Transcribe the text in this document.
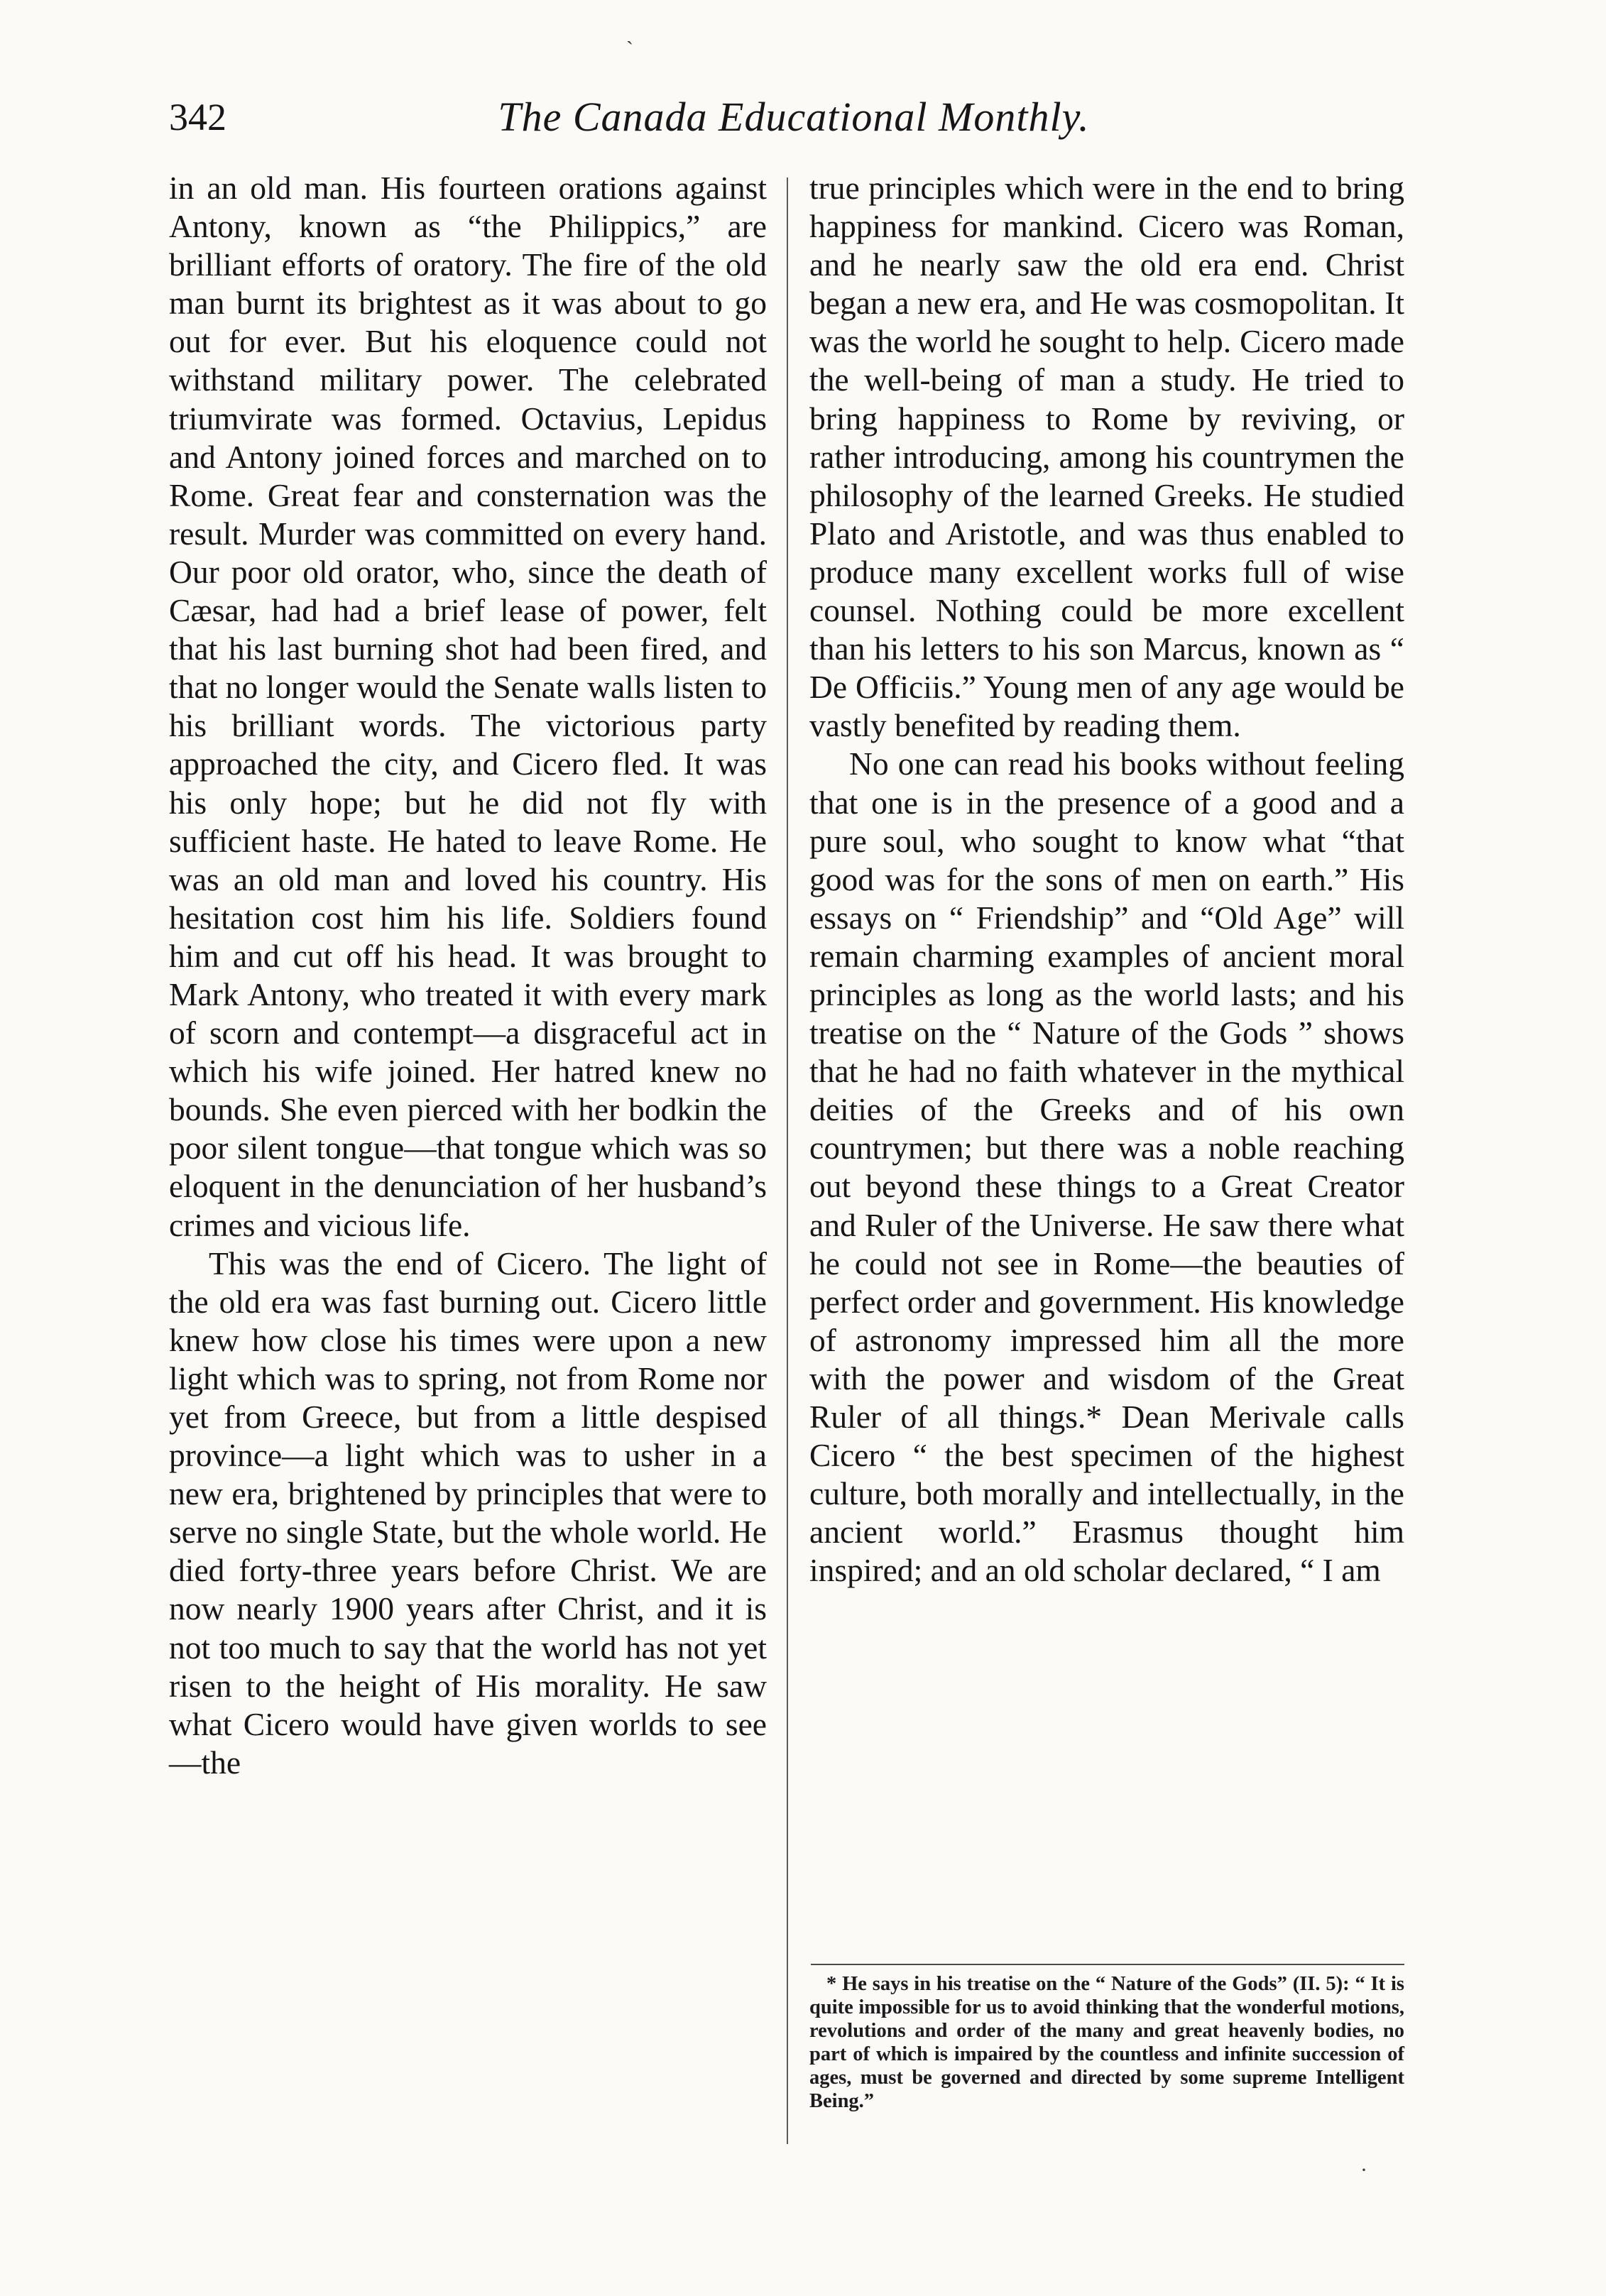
ˎ
342	The Canada Educational Monthly.

in an old man. His fourteen orations against Antony, known as “the Philippics,” are brilliant efforts of oratory. The fire of the old man burnt its brightest as it was about to go out for ever. But his eloquence could not withstand military power. The celebrated triumvirate was formed. Octavius, Lepidus and Antony joined forces and marched on to Rome. Great fear and consternation was the result. Murder was committed on every hand. Our poor old orator, who, since the death of Cæsar, had had a brief lease of power, felt that his last burning shot had been fired, and that no longer would the Senate walls listen to his brilliant words. The victorious party approached the city, and Cicero fled. It was his only hope; but he did not fly with sufficient haste. He hated to leave Rome. He was an old man and loved his country. His hesitation cost him his life. Soldiers found him and cut off his head. It was brought to Mark Antony, who treated it with every mark of scorn and contempt—a disgraceful act in which his wife joined. Her hatred knew no bounds. She even pierced with her bodkin the poor silent tongue—that tongue which was so eloquent in the denunciation of her husband’s crimes and vicious life.

This was the end of Cicero. The light of the old era was fast burning out. Cicero little knew how close his times were upon a new light which was to spring, not from Rome nor yet from Greece, but from a little despised province—a light which was to usher in a new era, brightened by principles that were to serve no single State, but the whole world. He died forty-three years before Christ. We are now nearly 1900 years after Christ, and it is not too much to say that the world has not yet risen to the height of His morality. He saw what Cicero would have given worlds to see—the

true principles which were in the end to bring happiness for mankind. Cicero was Roman, and he nearly saw the old era end. Christ began a new era, and He was cosmopolitan. It was the world he sought to help. Cicero made the well-being of man a study. He tried to bring happiness to Rome by reviving, or rather introducing, among his countrymen the philosophy of the learned Greeks. He studied Plato and Aristotle, and was thus enabled to produce many excellent works full of wise counsel. Nothing could be more excellent than his letters to his son Marcus, known as “ De Officiis.” Young men of any age would be vastly benefited by reading them.

No one can read his books without feeling that one is in the presence of a good and a pure soul, who sought to know what “that good was for the sons of men on earth.” His essays on “ Friendship” and “Old Age” will remain charming examples of ancient moral principles as long as the world lasts; and his treatise on the “ Nature of the Gods ” shows that he had no faith whatever in the mythical deities of the Greeks and of his own countrymen; but there was a noble reaching out beyond these things to a Great Creator and Ruler of the Universe. He saw there what he could not see in Rome—the beauties of perfect order and government. His knowledge of astronomy impressed him all the more with the power and wisdom of the Great Ruler of all things.* Dean Merivale calls Cicero “ the best specimen of the highest culture, both morally and intellectually, in the ancient world.” Erasmus thought him inspired; and an old scholar declared, “ I am

* He says in his treatise on the “ Nature of the Gods” (II. 5): “ It is quite impossible for us to avoid thinking that the wonderful motions, revolutions and order of the many and great heavenly bodies, no part of which is impaired by the countless and infinite succession of ages, must be governed and directed by some supreme Intelligent Being.”

·
